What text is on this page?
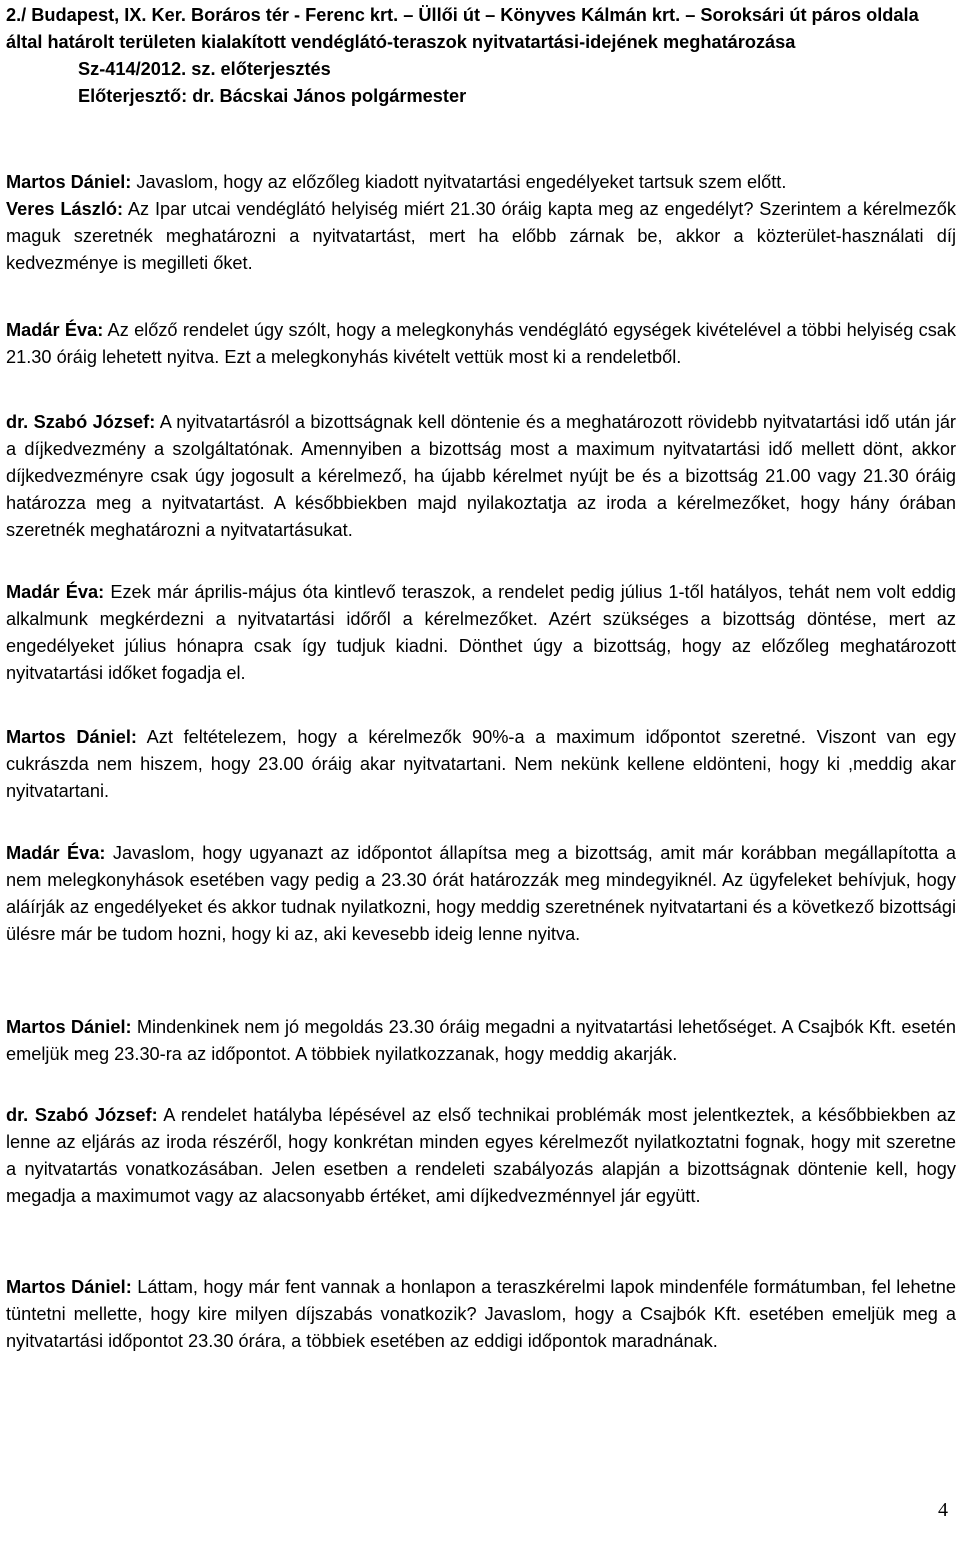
2./ Budapest, IX. Ker. Boráros tér - Ferenc krt. – Üllői út – Könyves Kálmán krt. – Soroksári út páros oldala által határolt területen kialakított vendéglátó-teraszok nyitvatartási-idejének meghatározása
Sz-414/2012. sz. előterjesztés
Előterjesztő: dr. Bácskai János polgármester
Martos Dániel: Javaslom, hogy az előzőleg kiadott nyitvatartási engedélyeket tartsuk szem előtt.
Veres László: Az Ipar utcai vendéglátó helyiség miért 21.30 óráig kapta meg az engedélyt? Szerintem a kérelmezők maguk szeretnék meghatározni a nyitvatartást, mert ha előbb zárnak be, akkor a közterület-használati díj kedvezménye is megilleti őket.
Madár Éva: Az előző rendelet úgy szólt, hogy a melegkonyhás vendéglátó egységek kivételével a többi helyiség csak 21.30 óráig lehetett nyitva. Ezt a melegkonyhás kivételt vettük most ki a rendeletből.
dr. Szabó József: A nyitvatartásról a bizottságnak kell döntenie és a meghatározott rövidebb nyitvatartási idő után jár a díjkedvezmény a szolgáltatónak. Amennyiben a bizottság most a maximum nyitvatartási idő mellett dönt, akkor díjkedvezményre csak úgy jogosult a kérelmező, ha újabb kérelmet nyújt be és a bizottság 21.00 vagy 21.30 óráig határozza meg a nyitvatartást. A későbbiekben majd nyilakoztatja az iroda a kérelmezőket, hogy hány órában szeretnék meghatározni a nyitvatartásukat.
Madár Éva: Ezek már április-május óta kintlevő teraszok, a rendelet pedig július 1-től hatályos, tehát nem volt eddig alkalmunk megkérdezni a nyitvatartási időről a kérelmezőket. Azért szükséges a bizottság döntése, mert az engedélyeket július hónapra csak így tudjuk kiadni. Dönthet úgy a bizottság, hogy az előzőleg meghatározott nyitvatartási időket fogadja el.
Martos Dániel: Azt feltételezem, hogy a kérelmezők 90%-a a maximum időpontot szeretné. Viszont van egy cukrászda nem hiszem, hogy 23.00 óráig akar nyitvatartani. Nem nekünk kellene eldönteni, hogy ki ,meddig akar nyitvatartani.
Madár Éva: Javaslom, hogy ugyanazt az időpontot állapítsa meg a bizottság, amit már korábban megállapította a nem melegkonyhások esetében vagy pedig a 23.30 órát határozzák meg mindegyiknél. Az ügyfeleket behívjuk, hogy aláírják az engedélyeket és akkor tudnak nyilatkozni, hogy meddig szeretnének nyitvatartani és a következő bizottsági ülésre már be tudom hozni, hogy ki az, aki kevesebb ideig lenne nyitva.
Martos Dániel: Mindenkinek nem jó megoldás 23.30 óráig megadni a nyitvatartási lehetőséget. A Csajbók Kft. esetén emeljük meg 23.30-ra az időpontot. A többiek nyilatkozzanak, hogy meddig akarják.
dr. Szabó József: A rendelet hatályba lépésével az első technikai problémák most jelentkeztek, a későbbiekben az lenne az eljárás az iroda részéről, hogy konkrétan minden egyes kérelmezőt nyilatkoztatni fognak, hogy mit szeretne a nyitvatartás vonatkozásában. Jelen esetben a rendeleti szabályozás alapján a bizottságnak döntenie kell, hogy megadja a maximumot vagy az alacsonyabb értéket, ami díjkedvezménnyel jár együtt.
Martos Dániel: Láttam, hogy már fent vannak a honlapon a teraszkérelmi lapok mindenféle formátumban, fel lehetne tüntetni mellette, hogy kire milyen díjszabás vonatkozik? Javaslom, hogy a Csajbók Kft. esetében emeljük meg a nyitvatartási időpontot 23.30 órára, a többiek esetében az eddigi időpontok maradnának.
4
